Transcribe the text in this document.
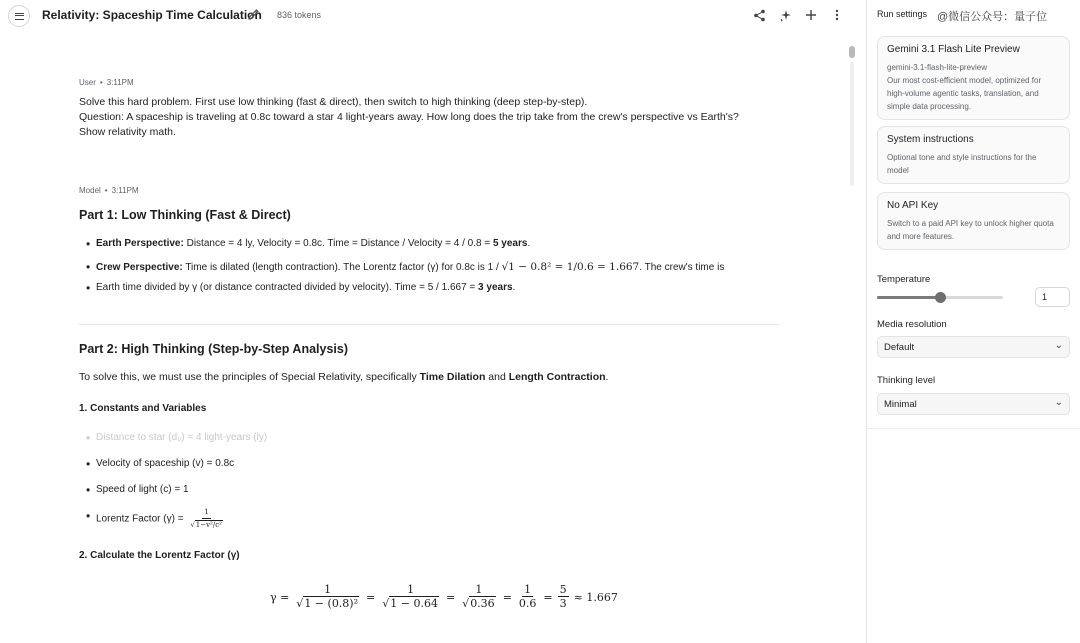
Relativity: Spaceship Time Calculation 836 tokens
User • 3:11PM
Solve this hard problem. First use low thinking (fast & direct), then switch to high thinking (deep step-by-step).
Question: A spaceship is traveling at 0.8c toward a star 4 light-years away. How long does the trip take from the crew's perspective vs Earth's?
Show relativity math.
Model • 3:11PM
Part 1: Low Thinking (Fast & Direct)
• Earth Perspective: Distance = 4 ly, Velocity = 0.8c. Time = Distance / Velocity = 4 / 0.8 = 5 years.
• Crew Perspective: Time is dilated (length contraction). The Lorentz factor (γ) for 0.8c is 1 / √1 − 0.8² = 1/0.6 = 1.667. The crew's time is
• Earth time divided by γ (or distance contracted divided by velocity). Time = 5 / 1.667 = 3 years.
Part 2: High Thinking (Step-by-Step Analysis)
To solve this, we must use the principles of Special Relativity, specifically Time Dilation and Length Contraction.
1. Constants and Variables
• Distance to star (d₀) = 4 light-years (ly)
• Velocity of spaceship (v) = 0.8c
• Speed of light (c) = 1
• Lorentz Factor $(\gamma) = \frac{1}{\text{√1−v²/c²}}$
2. Calculate the Lorentz Factor (γ)
$\gamma = \frac{1}{\text{√1 − (0.8)²}} = \frac{1}{√1 - 0.64} = \frac{1}{√0.36} = \frac{1}{0.6} = \frac{5}{3} \approx 1.667$
Run settings @微信公众号：量子位
Gemini 3.1 Flash Lite Preview
gemini-3.1-flash-lite-preview
Our most cost-efficient model, optimized for high-volume agentic tasks, translation, and simple data processing.
System instructions
Optional tone and style instructions for the model
No API Key
Switch to a paid API key to unlock higher quota and more features.
Temperature
1
Media resolution
Default	⌄
Thinking level
Minimal	⌄
